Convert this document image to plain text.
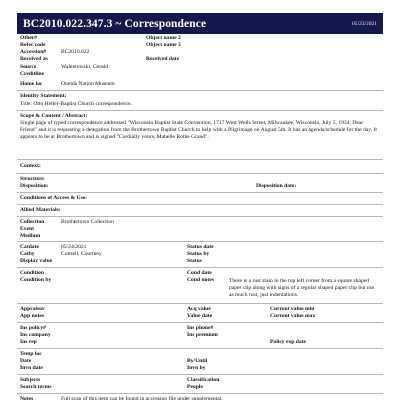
BC2010.022.347.3 ~ Correspondence	05/23/2021
Other#	Object name 2
Refer code	Object name 3
Accession#	BC2010.022
Received as	Received date
Source	Walentowski, Gerald
Creditline
Home loc	Oneida Nation Museum
Identity Statement:
Title: Otto Heller-Baptist Church correspondence.
Scope & Content / Abstract:
Single page of typed correspondence addressed "Wisconsin Baptist State Convention, 1717 West Wells Street, Milwaukee, Wisconsin, July 5, 1934, Dear Friend" and it is requesting a delegation from the Brothertown Baptist Church to help with a Pilgrimage on August 5th. It has an agenda/schedule for the day. It appears to be at Brothertown and is signed "Cordially yours, Mabelle Rothe Grand".
Context:
Structure:
Disposition:	Disposition date:
Conditions of Access & Use:
Allied Materials:
Collection	Brothertown Collection
Event
Medium
Catdate	05/24/2021	Status date
Catby	Cottrell, Courtney	Status by
Display value	Status
Condition	Cond date
Condition by	Cond notes	There is a rust stain in the top left corner from a square shaped paper clip along with signs of a regular shaped paper clip but not as much rust, just indentations.
Appraisor	Acq value	Current value min
App notes	Value date	Current value max
Ins policy#	Ins phone#
Ins company	Ins premium
Ins rep	Policy exp date
Temp loc
Date	By/Until
Invn date	Invn by
Subjects	Classification
Search terms	People
Notes	Full scan of this item can be found in accession file under supplemental.
